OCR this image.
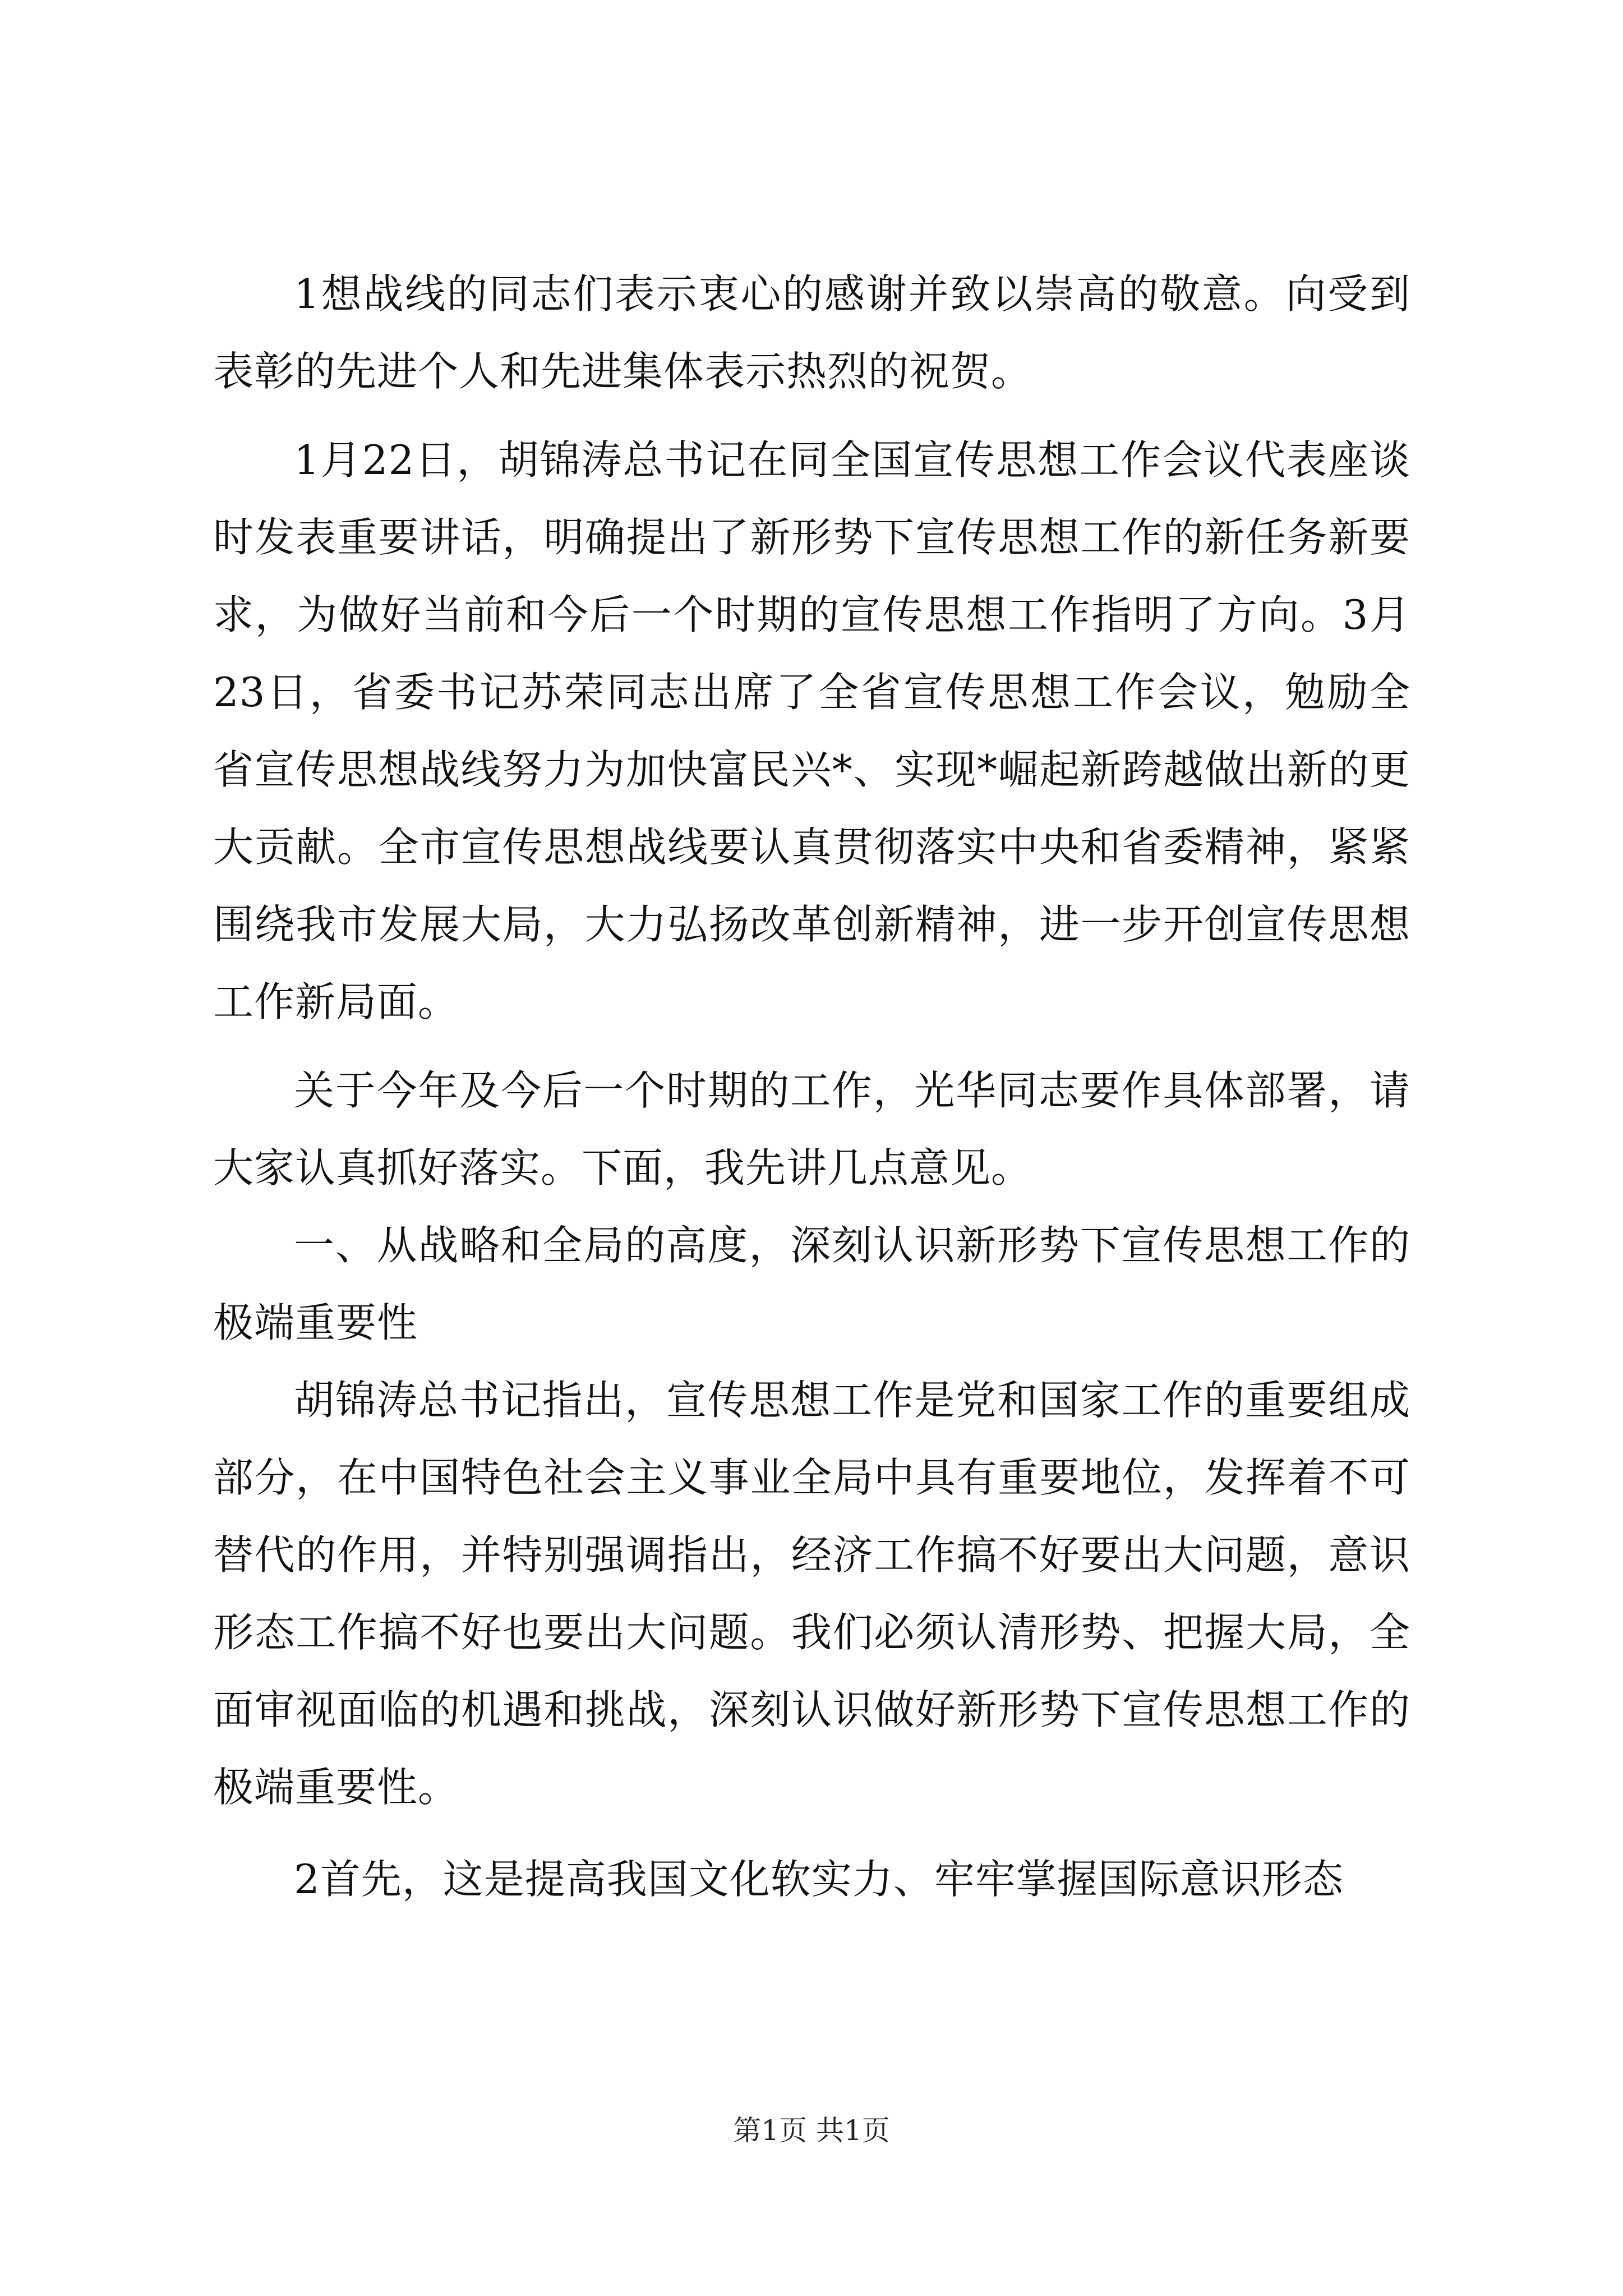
1想战线的同志们表示衷心的感谢并致以崇高的敬意。向受到表彰的先进个人和先进集体表示热烈的祝贺。

1月22日，胡锦涛总书记在同全国宣传思想工作会议代表座谈时发表重要讲话，明确提出了新形势下宣传思想工作的新任务新要求，为做好当前和今后一个时期的宣传思想工作指明了方向。3月23日，省委书记苏荣同志出席了全省宣传思想工作会议，勉励全省宣传思想战线努力为加快富民兴*、实现*崛起新跨越做出新的更大贡献。全市宣传思想战线要认真贯彻落实中央和省委精神，紧紧围绕我市发展大局，大力弘扬改革创新精神，进一步开创宣传思想工作新局面。

关于今年及今后一个时期的工作，光华同志要作具体部署，请大家认真抓好落实。下面，我先讲几点意见。

一、从战略和全局的高度，深刻认识新形势下宣传思想工作的极端重要性

胡锦涛总书记指出，宣传思想工作是党和国家工作的重要组成部分，在中国特色社会主义事业全局中具有重要地位，发挥着不可替代的作用，并特别强调指出，经济工作搞不好要出大问题，意识形态工作搞不好也要出大问题。我们必须认清形势、把握大局，全面审视面临的机遇和挑战，深刻认识做好新形势下宣传思想工作的极端重要性。

2首先，这是提高我国文化软实力、牢牢掌握国际意识形态

第1页 共1页
